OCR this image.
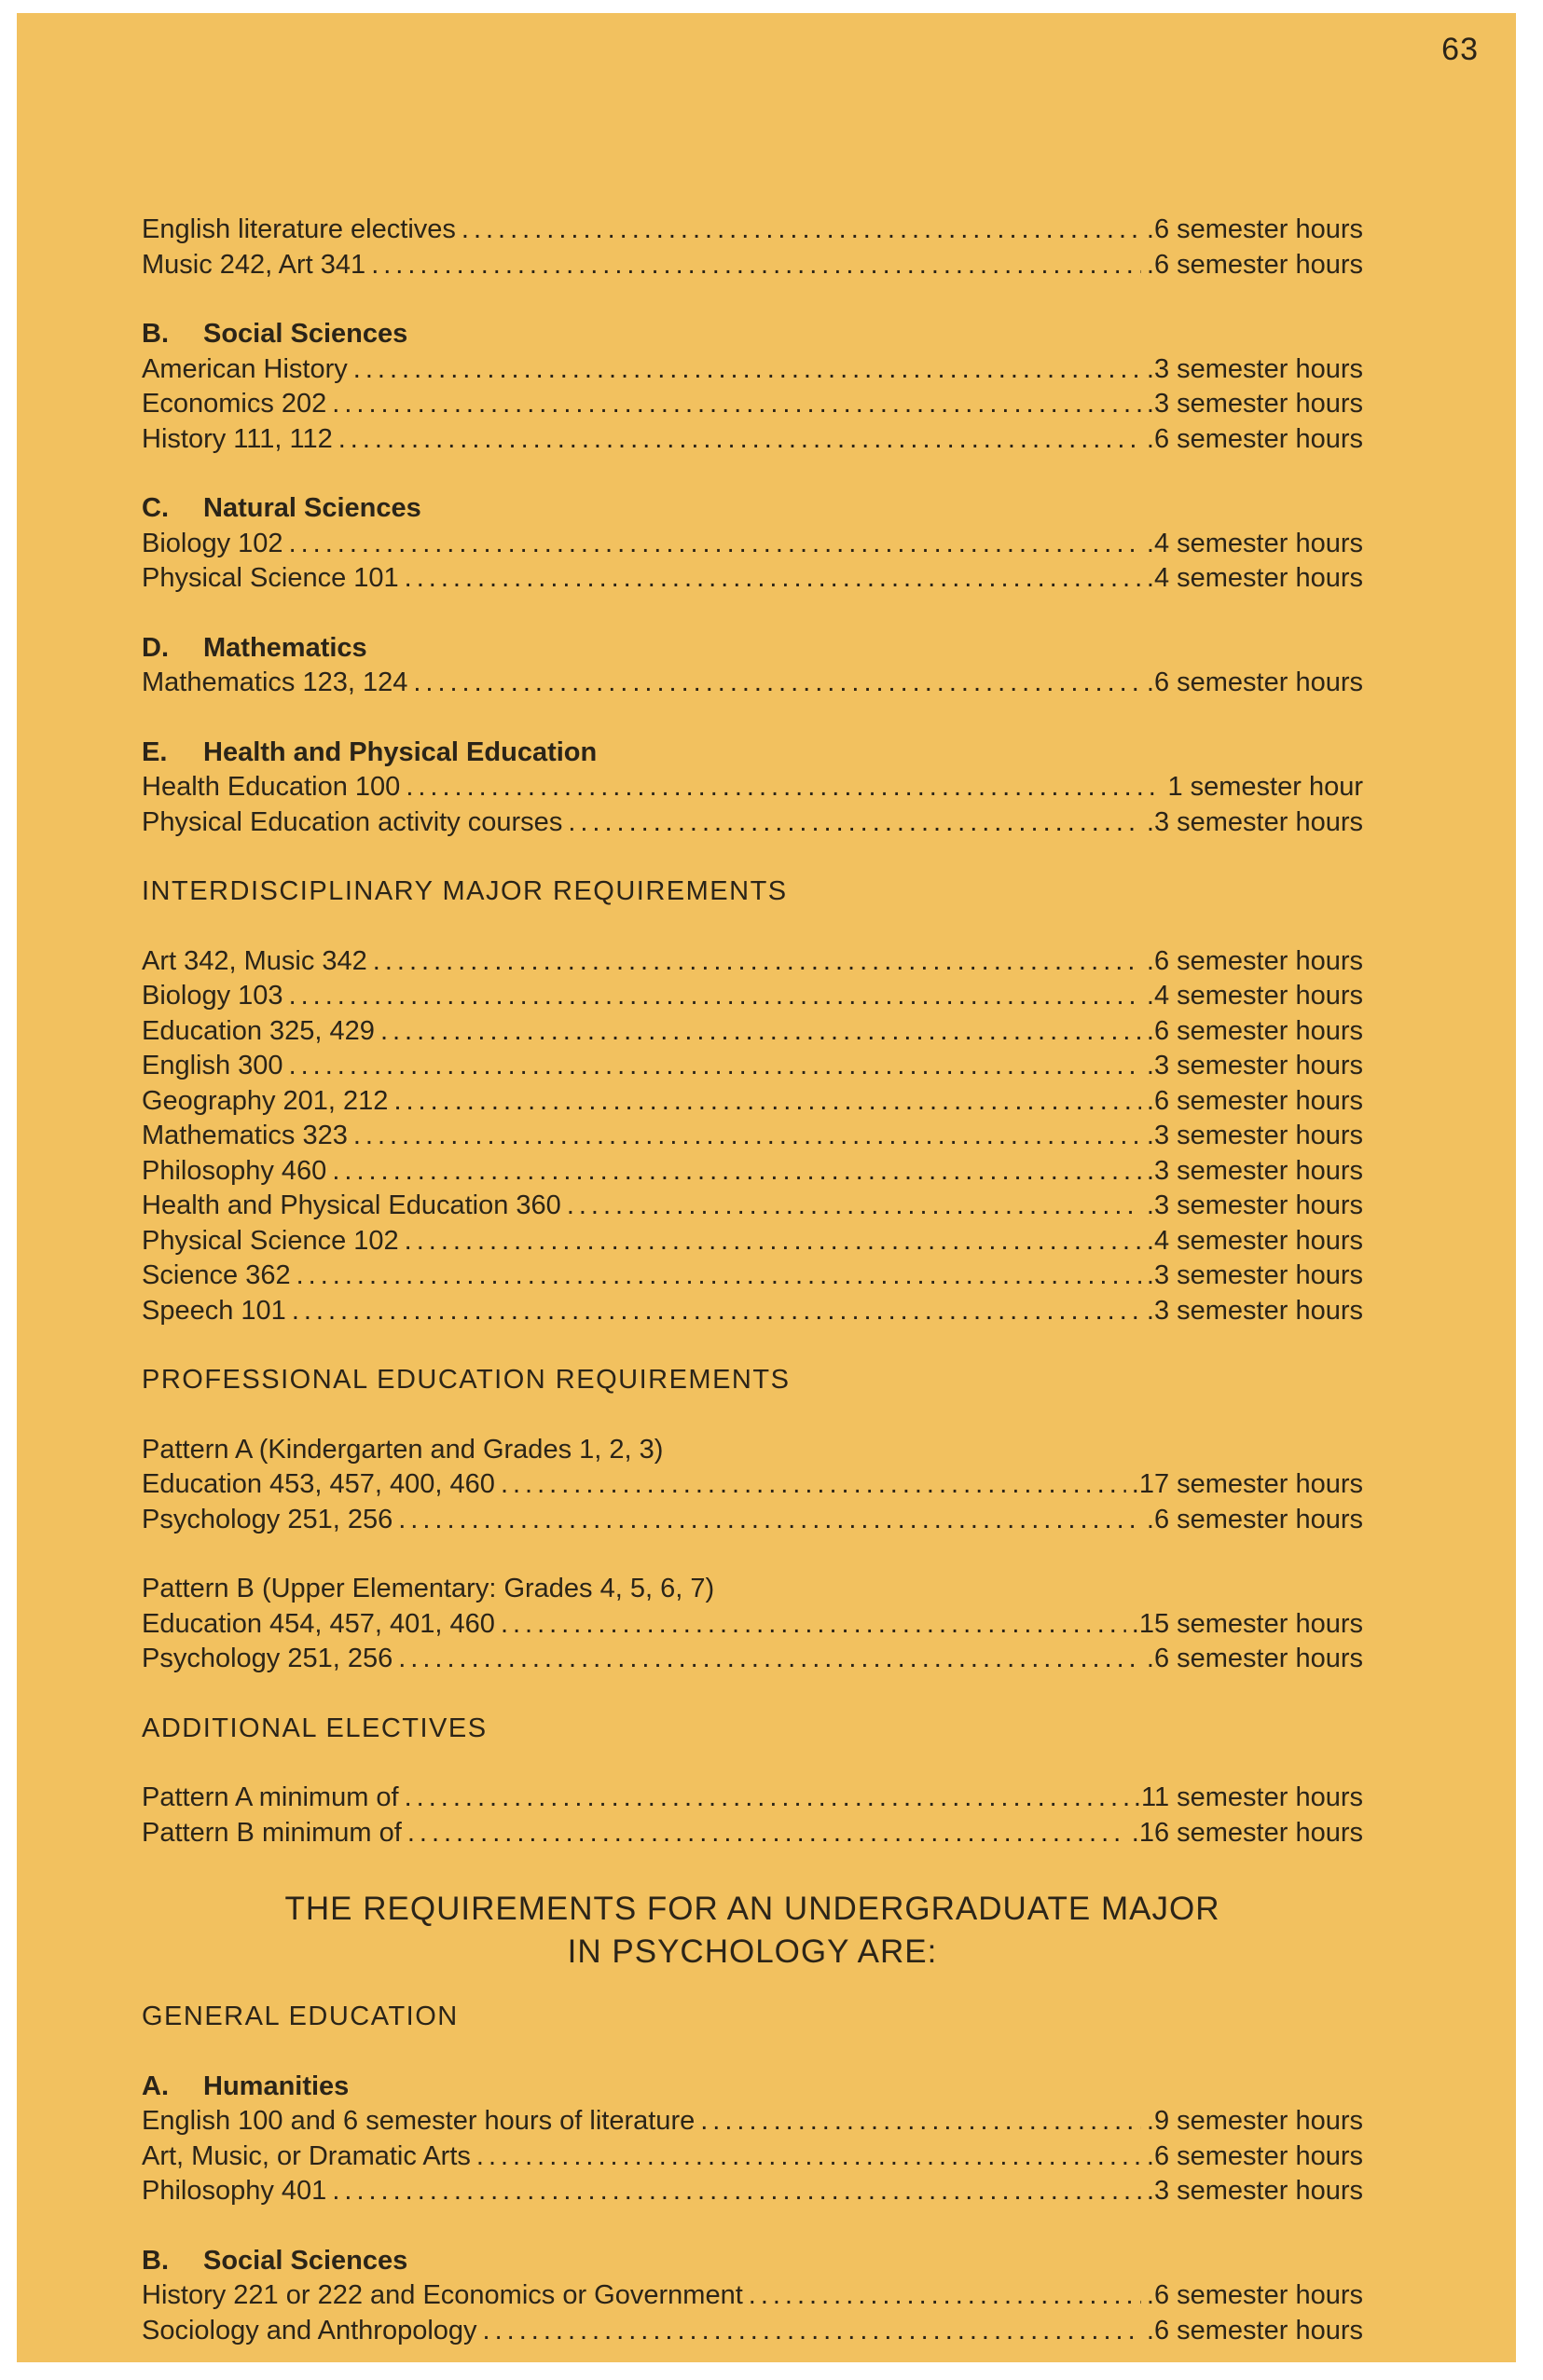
63
English literature electives .....	.6 semester hours
Music 242, Art 341 .....	.6 semester hours
B. Social Sciences
American History .....	.3 semester hours
Economics 202 .....	.3 semester hours
History 111, 112 .....	.6 semester hours
C. Natural Sciences
Biology 102 .....	.4 semester hours
Physical Science 101 .....	.4 semester hours
D. Mathematics
Mathematics 123, 124 .....	.6 semester hours
E. Health and Physical Education
Health Education 100 .....	1 semester hour
Physical Education activity courses .....	.3 semester hours
INTERDISCIPLINARY MAJOR REQUIREMENTS
Art 342, Music 342 .....	.6 semester hours
Biology 103 .....	.4 semester hours
Education 325, 429 .....	.6 semester hours
English 300 .....	.3 semester hours
Geography 201, 212 .....	.6 semester hours
Mathematics 323 .....	.3 semester hours
Philosophy 460 .....	.3 semester hours
Health and Physical Education 360 .....	.3 semester hours
Physical Science 102 .....	.4 semester hours
Science 362 .....	.3 semester hours
Speech 101 .....	.3 semester hours
PROFESSIONAL EDUCATION REQUIREMENTS
Pattern A (Kindergarten and Grades 1, 2, 3)
Education 453, 457, 400, 460 .....	.17 semester hours
Psychology 251, 256 .....	.6 semester hours
Pattern B (Upper Elementary: Grades 4, 5, 6, 7)
Education 454, 457, 401, 460 .....	.15 semester hours
Psychology 251, 256 .....	.6 semester hours
ADDITIONAL ELECTIVES
Pattern A minimum of .....	.11 semester hours
Pattern B minimum of .....	.16 semester hours
THE REQUIREMENTS FOR AN UNDERGRADUATE MAJOR
IN PSYCHOLOGY ARE:
GENERAL EDUCATION
A. Humanities
English 100 and 6 semester hours of literature .....	.9 semester hours
Art, Music, or Dramatic Arts .....	.6 semester hours
Philosophy 401 .....	.3 semester hours
B. Social Sciences
History 221 or 222 and Economics or Government .....	.6 semester hours
Sociology and Anthropology .....	.6 semester hours
